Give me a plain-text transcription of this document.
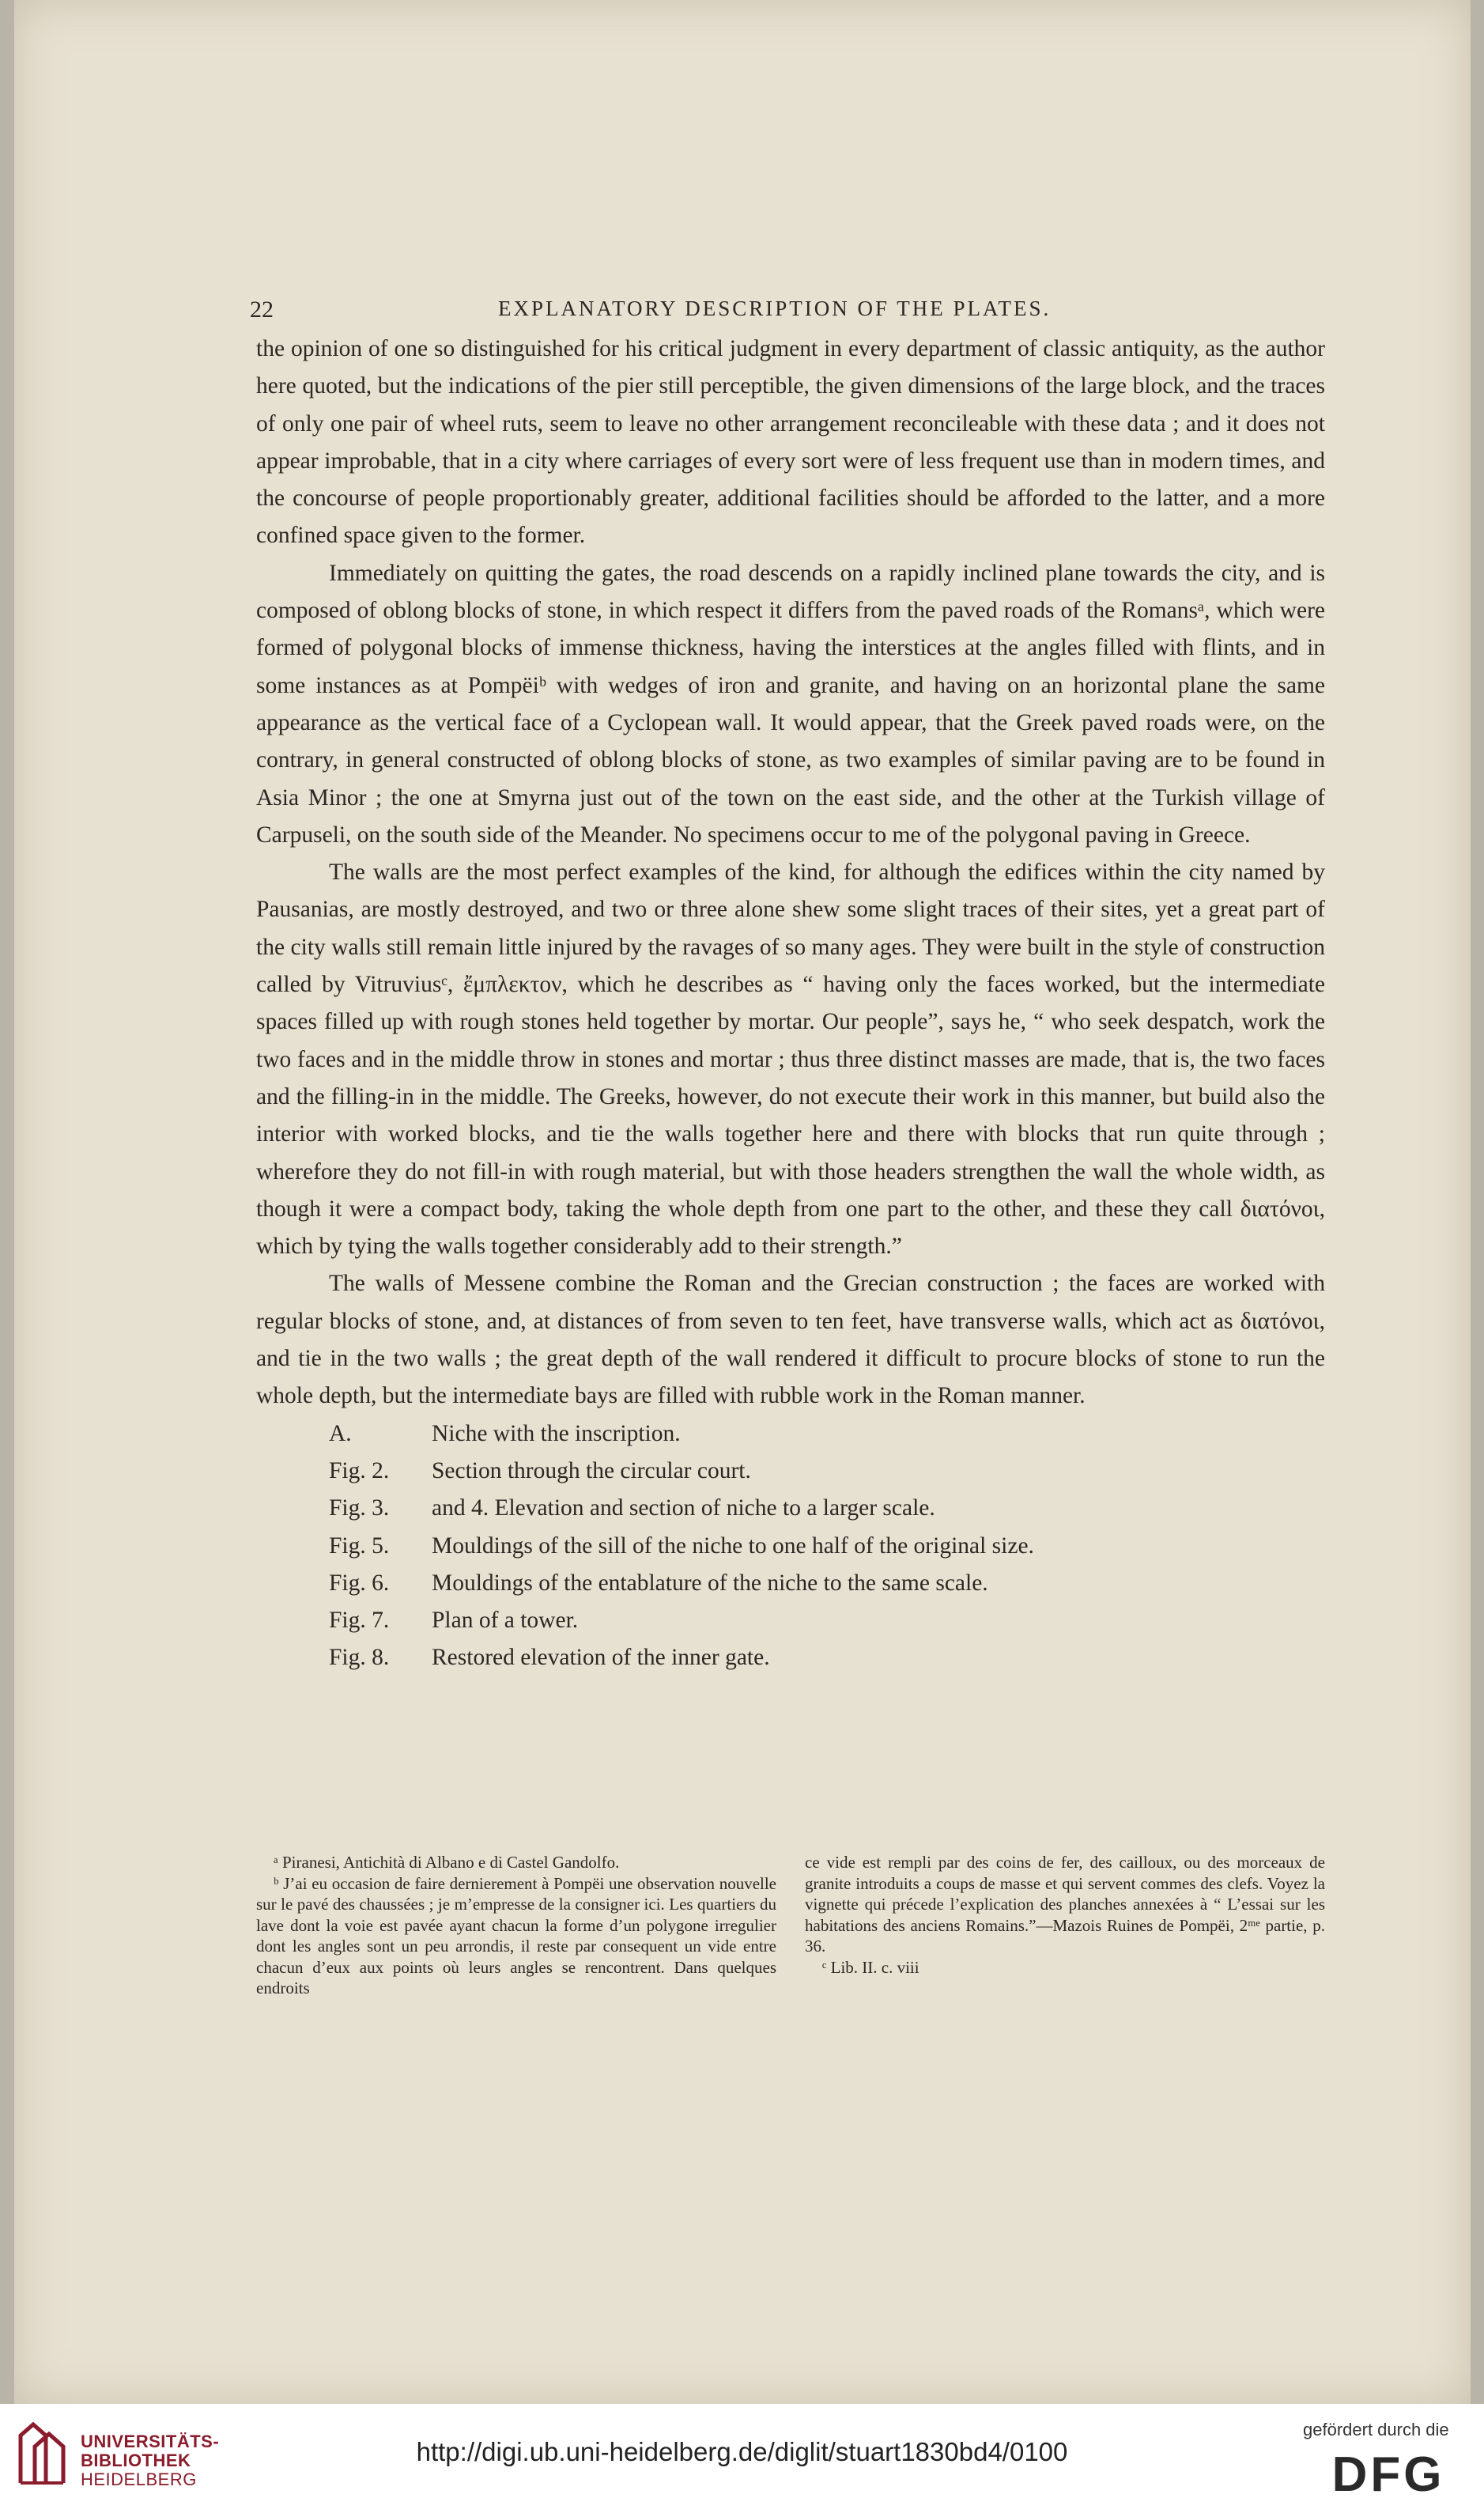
22	EXPLANATORY DESCRIPTION OF THE PLATES.

the opinion of one so distinguished for his critical judgment in every department of classic antiquity, as the author here quoted, but the indications of the pier still perceptible, the given dimensions of the large block, and the traces of only one pair of wheel ruts, seem to leave no other arrangement reconcileable with these data ; and it does not appear improbable, that in a city where carriages of every sort were of less frequent use than in modern times, and the concourse of people proportionably greater, additional facilities should be afforded to the latter, and a more confined space given to the former.

Immediately on quitting the gates, the road descends on a rapidly inclined plane towards the city, and is composed of oblong blocks of stone, in which respect it differs from the paved roads of the Romansᵃ, which were formed of polygonal blocks of immense thickness, having the interstices at the angles filled with flints, and in some instances as at Pompëiᵇ with wedges of iron and granite, and having on an horizontal plane the same appearance as the vertical face of a Cyclopean wall. It would appear, that the Greek paved roads were, on the contrary, in general constructed of oblong blocks of stone, as two examples of similar paving are to be found in Asia Minor ; the one at Smyrna just out of the town on the east side, and the other at the Turkish village of Carpuseli, on the south side of the Meander. No specimens occur to me of the polygonal paving in Greece.

The walls are the most perfect examples of the kind, for although the edifices within the city named by Pausanias, are mostly destroyed, and two or three alone shew some slight traces of their sites, yet a great part of the city walls still remain little injured by the ravages of so many ages. They were built in the style of construction called by Vitruviusᶜ, ἔμπλεκτον, which he describes as “ having only the faces worked, but the intermediate spaces filled up with rough stones held together by mortar. Our people”, says he, “ who seek despatch, work the two faces and in the middle throw in stones and mortar ; thus three distinct masses are made, that is, the two faces and the filling-in in the middle. The Greeks, however, do not execute their work in this manner, but build also the interior with worked blocks, and tie the walls together here and there with blocks that run quite through ; wherefore they do not fill-in with rough material, but with those headers strengthen the wall the whole width, as though it were a compact body, taking the whole depth from one part to the other, and these they call διατόνοι, which by tying the walls together considerably add to their strength.”

The walls of Messene combine the Roman and the Grecian construction ; the faces are worked with regular blocks of stone, and, at distances of from seven to ten feet, have transverse walls, which act as διατόνοι, and tie in the two walls ; the great depth of the wall rendered it difficult to procure blocks of stone to run the whole depth, but the intermediate bays are filled with rubble work in the Roman manner.

A.	Niche with the inscription.
Fig. 2. Section through the circular court.
Fig. 3. and 4. Elevation and section of niche to a larger scale.
Fig. 5. Mouldings of the sill of the niche to one half of the original size.
Fig. 6. Mouldings of the entablature of the niche to the same scale.
Fig. 7. Plan of a tower.
Fig. 8. Restored elevation of the inner gate.

ᵃ Piranesi, Antichità di Albano e di Castel Gandolfo.

ᵇ J’ai eu occasion de faire dernierement à Pompëi une observation nouvelle sur le pavé des chaussées ; je m’empresse de la consigner ici. Les quartiers du lave dont la voie est pavée ayant chacun la forme d’un polygone irregulier dont les angles sont un peu arrondis, il reste par consequent un vide entre chacun d’eux aux points où leurs angles se rencontrent. Dans quelques endroits

ce vide est rempli par des coins de fer, des cailloux, ou des morceaux de granite introduits a coups de masse et qui servent commes des clefs. Voyez la vignette qui précede l’explication des planches annexées à “ L’essai sur les habitations des anciens Romains.”—Mazois Ruines de Pompëi, 2ᵐᵉ partie, p. 36.

ᶜ Lib. II. c. viii

UNIVERSITÄTS-
BIBLIOTHEK
HEIDELBERG
http://digi.ub.uni-heidelberg.de/diglit/stuart1830bd4/0100
gefördert durch die
DFG
